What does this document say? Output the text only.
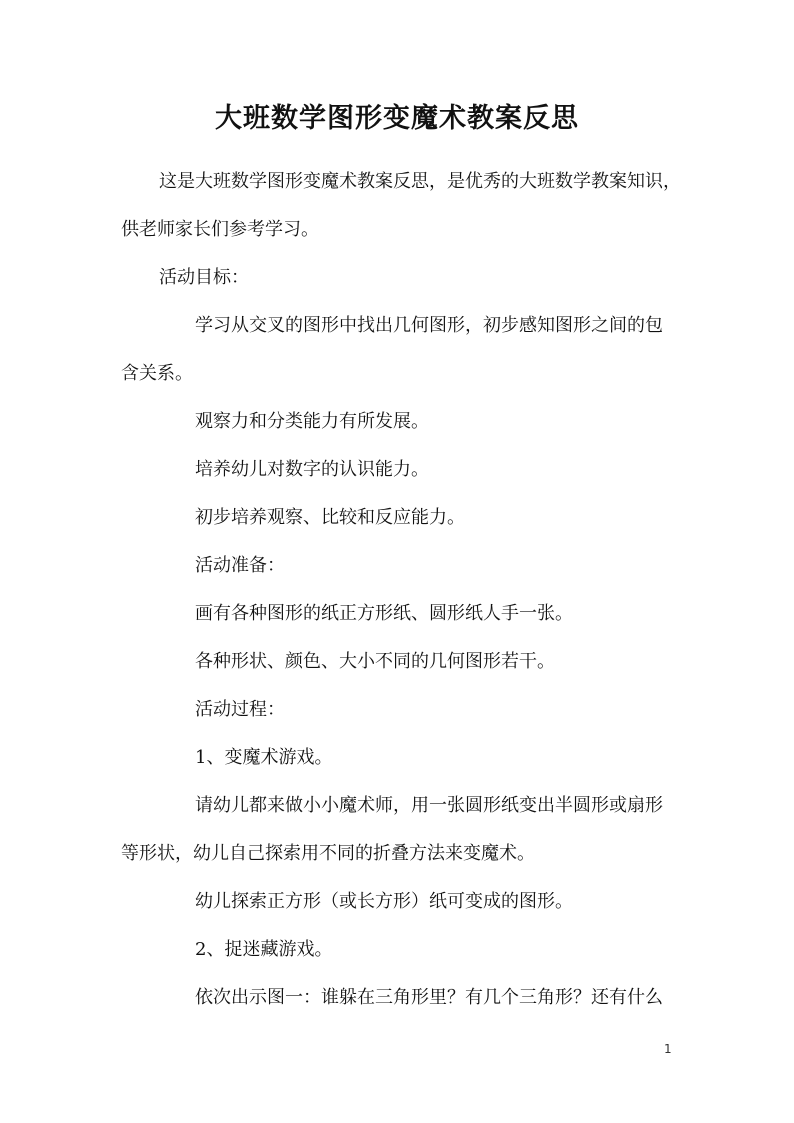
大班数学图形变魔术教案反思

这是大班数学图形变魔术教案反思，是优秀的大班数学教案知识，
供老师家长们参考学习。

活动目标：

学习从交叉的图形中找出几何图形，初步感知图形之间的包
含关系。

观察力和分类能力有所发展。

培养幼儿对数字的认识能力。

初步培养观察、比较和反应能力。

活动准备：

画有各种图形的纸正方形纸、圆形纸人手一张。

各种形状、颜色、大小不同的几何图形若干。

活动过程：

1、变魔术游戏。

请幼儿都来做小小魔术师，用一张圆形纸变出半圆形或扇形
等形状，幼儿自己探索用不同的折叠方法来变魔术。

幼儿探索正方形（或长方形）纸可变成的图形。

2、捉迷藏游戏。

依次出示图一：谁躲在三角形里？有几个三角形？还有什么

1
